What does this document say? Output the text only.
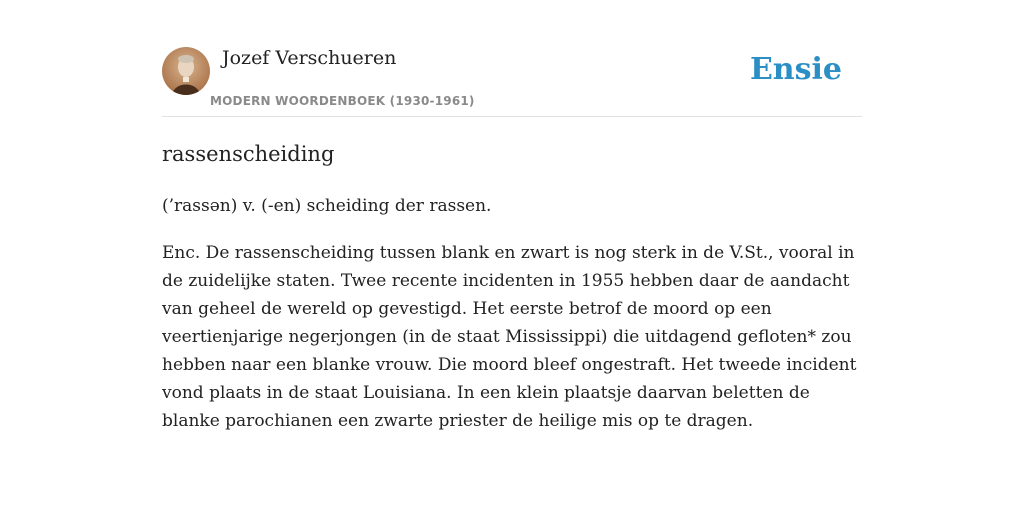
Jozef Verschueren
MODERN WOORDENBOEK (1930-1961)
Ensie
rassenscheiding
(’rassən) v. (-en) scheiding der rassen.
Enc. De rassenscheiding tussen blank en zwart is nog sterk in de V.St., vooral in de zuidelijke staten. Twee recente incidenten in 1955 hebben daar de aandacht van geheel de wereld op gevestigd. Het eerste betrof de moord op een veertienjarige negerjongen (in de staat Mississippi) die uitdagend gefloten* zou hebben naar een blanke vrouw. Die moord bleef ongestraft. Het tweede incident vond plaats in de staat Louisiana. In een klein plaatsje daarvan beletten de blanke parochianen een zwarte priester de heilige mis op te dragen.
